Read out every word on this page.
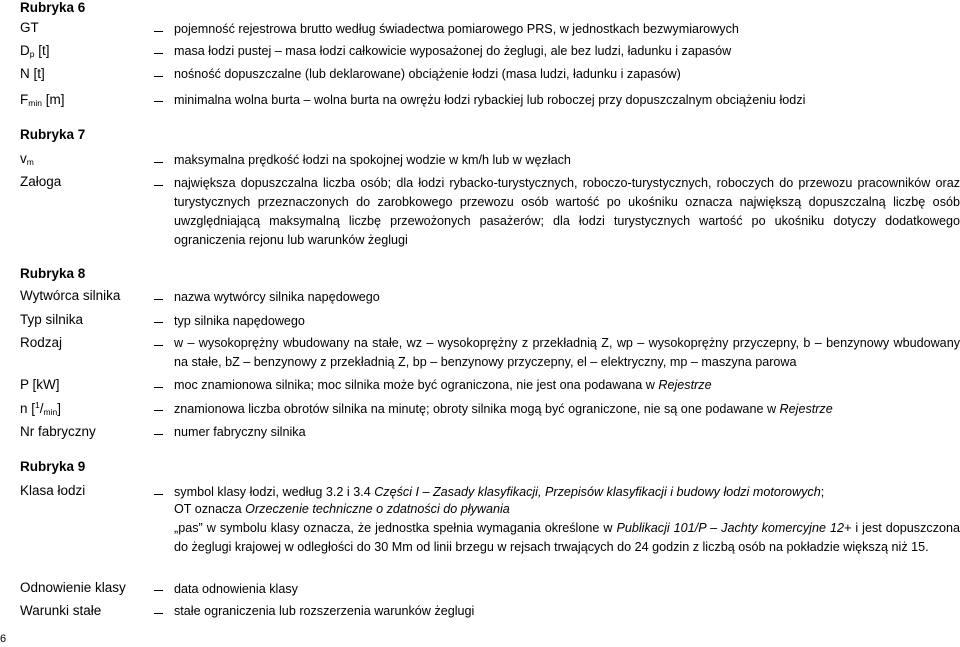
Rubryka 6
GT	pojemność rejestrowa brutto według świadectwa pomiarowego PRS, w jednostkach bezwymiarowych
$D_p$ [t]	masa łodzi pustej – masa łodzi całkowicie wyposażonej do żeglugi, ale bez ludzi, ładunku i zapasów
N [t]	nośność dopuszczalne (lub deklarowane) obciążenie łodzi (masa ludzi, ładunku i zapasów)
$F_{min}$ [m]	minimalna wolna burta – wolna burta na owrężu łodzi rybackiej lub roboczej przy dopuszczalnym obciążeniu łodzi
Rubryka 7
$v_m$	maksymalna prędkość łodzi na spokojnej wodzie w km/h lub w węzłach
Załoga	największa dopuszczalna liczba osób; dla łodzi rybacko-turystycznych, roboczo-turystycznych, roboczych do przewozu pracowników oraz turystycznych przeznaczonych do zarobkowego przewozu osób wartość po ukośniku oznacza największą dopuszczalną liczbę osób uwzględniającą maksymalną liczbę przewożonych pasażerów; dla łodzi turystycznych wartość po ukośniku dotyczy dodatkowego ograniczenia rejonu lub warunków żeglugi
Rubryka 8
Wytwórca silnika	nazwa wytwórcy silnika napędowego
Typ silnika	typ silnika napędowego
Rodzaj	w – wysokoprężny wbudowany na stałe, wz – wysokoprężny z przekładnią Z, wp – wysokoprężny przyczepny, b – benzynowy wbudowany na stałe, bZ – benzynowy z przekładnią Z, bp – benzynowy przyczepny, el – elektryczny, mp – maszyna parowa
P [kW]	moc znamionowa silnika; moc silnika może być ograniczona, nie jest ona podawana w Rejestrze
n $[^1/_{min}]$	znamionowa liczba obrotów silnika na minutę; obroty silnika mogą być ograniczone, nie są one podawane w Rejestrze
Nr fabryczny	numer fabryczny silnika
Rubryka 9
Klasa łodzi	symbol klasy łodzi, według 3.2 i 3.4 Części I – Zasady klasyfikacji, Przepisów klasyfikacji i budowy łodzi motorowych;
OT oznacza Orzeczenie techniczne o zdatności do pływania
„pas” w symbolu klasy oznacza, że jednostka spełnia wymagania określone w Publikacji 101/P – Jachty komercyjne 12+ i jest dopuszczona do żeglugi krajowej w odległości do 30 Mm od linii brzegu w rejsach trwających do 24 godzin z liczbą osób na pokładzie większą niż 15.
Odnowienie klasy	data odnowienia klasy
Warunki stałe	stałe ograniczenia lub rozszerzenia warunków żeglugi
6
